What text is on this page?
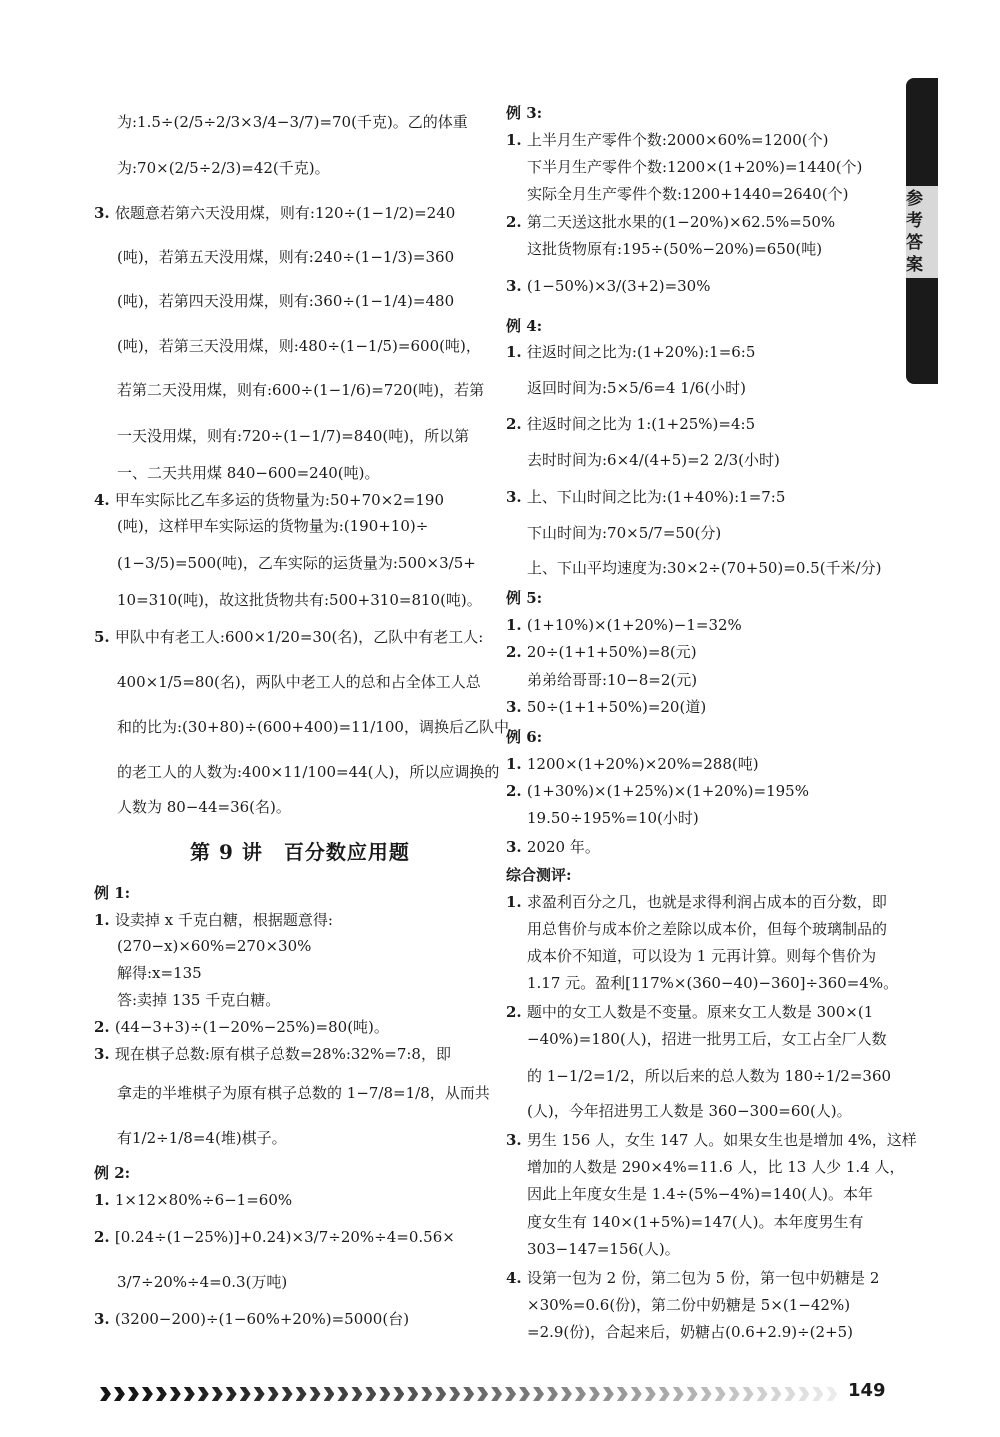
参考答案
为:1.5÷(2/5÷2/3×3/4−3/7)=70(千克)。乙的体重
为:70×(2/5÷2/3)=42(千克)。
3. 依题意若第六天没用煤，则有:120÷(1−1/2)=240
(吨)，若第五天没用煤，则有:240÷(1−1/3)=360
(吨)，若第四天没用煤，则有:360÷(1−1/4)=480
(吨)，若第三天没用煤，则:480÷(1−1/5)=600(吨)，
若第二天没用煤，则有:600÷(1−1/6)=720(吨)，若第
一天没用煤，则有:720÷(1−1/7)=840(吨)，所以第
一、二天共用煤 840−600=240(吨)。
4. 甲车实际比乙车多运的货物量为:50+70×2=190
(吨)，这样甲车实际运的货物量为:(190+10)÷
(1−3/5)=500(吨)，乙车实际的运货量为:500×3/5+
10=310(吨)，故这批货物共有:500+310=810(吨)。
5. 甲队中有老工人:600×1/20=30(名)，乙队中有老工人:
400×1/5=80(名)，两队中老工人的总和占全体工人总
和的比为:(30+80)÷(600+400)=11/100，调换后乙队中
的老工人的人数为:400×11/100=44(人)，所以应调换的
人数为 80−44=36(名)。
第 9 讲　百分数应用题
例 1:
1. 设卖掉 x 千克白糖，根据题意得:
(270−x)×60%=270×30%
解得:x=135
答:卖掉 135 千克白糖。
2. (44−3+3)÷(1−20%−25%)=80(吨)。
3. 现在棋子总数:原有棋子总数=28%:32%=7:8，即
拿走的半堆棋子为原有棋子总数的 1−7/8=1/8，从而共
有1/2÷1/8=4(堆)棋子。
例 2:
1. 1×12×80%÷6−1=60%
2. [0.24÷(1−25%)]+0.24)×3/7÷20%÷4=0.56×
3/7÷20%÷4=0.3(万吨)
3. (3200−200)÷(1−60%+20%)=5000(台)
例 3:
1. 上半月生产零件个数:2000×60%=1200(个)
下半月生产零件个数:1200×(1+20%)=1440(个)
实际全月生产零件个数:1200+1440=2640(个)
2. 第二天送这批水果的(1−20%)×62.5%=50%
这批货物原有:195÷(50%−20%)=650(吨)
3. (1−50%)×3/(3+2)=30%
例 4:
1. 往返时间之比为:(1+20%):1=6:5
返回时间为:5×5/6=4 1/6(小时)
2. 往返时间之比为 1:(1+25%)=4:5
去时时间为:6×4/(4+5)=2 2/3(小时)
3. 上、下山时间之比为:(1+40%):1=7:5
下山时间为:70×5/7=50(分)
上、下山平均速度为:30×2÷(70+50)=0.5(千米/分)
例 5:
1. (1+10%)×(1+20%)−1=32%
2. 20÷(1+1+50%)=8(元)
弟弟给哥哥:10−8=2(元)
3. 50÷(1+1+50%)=20(道)
例 6:
1. 1200×(1+20%)×20%=288(吨)
2. (1+30%)×(1+25%)×(1+20%)=195%
19.50÷195%=10(小时)
3. 2020 年。
综合测评:
1. 求盈利百分之几，也就是求得利润占成本的百分数，即
用总售价与成本价之差除以成本价，但每个玻璃制品的
成本价不知道，可以设为 1 元再计算。则每个售价为
1.17 元。盈利[117%×(360−40)−360]÷360=4%。
2. 题中的女工人数是不变量。原来女工人数是 300×(1
−40%)=180(人)，招进一批男工后，女工占全厂人数
的 1−1/2=1/2，所以后来的总人数为 180÷1/2=360
(人)，今年招进男工人数是 360−300=60(人)。
3. 男生 156 人，女生 147 人。如果女生也是增加 4%，这样
增加的人数是 290×4%=11.6 人，比 13 人少 1.4 人，
因此上年度女生是 1.4÷(5%−4%)=140(人)。本年
度女生有 140×(1+5%)=147(人)。本年度男生有
303−147=156(人)。
4. 设第一包为 2 份，第二包为 5 份，第一包中奶糖是 2
×30%=0.6(份)，第二份中奶糖是 5×(1−42%)
=2.9(份)，合起来后，奶糖占(0.6+2.9)÷(2+5)
149
